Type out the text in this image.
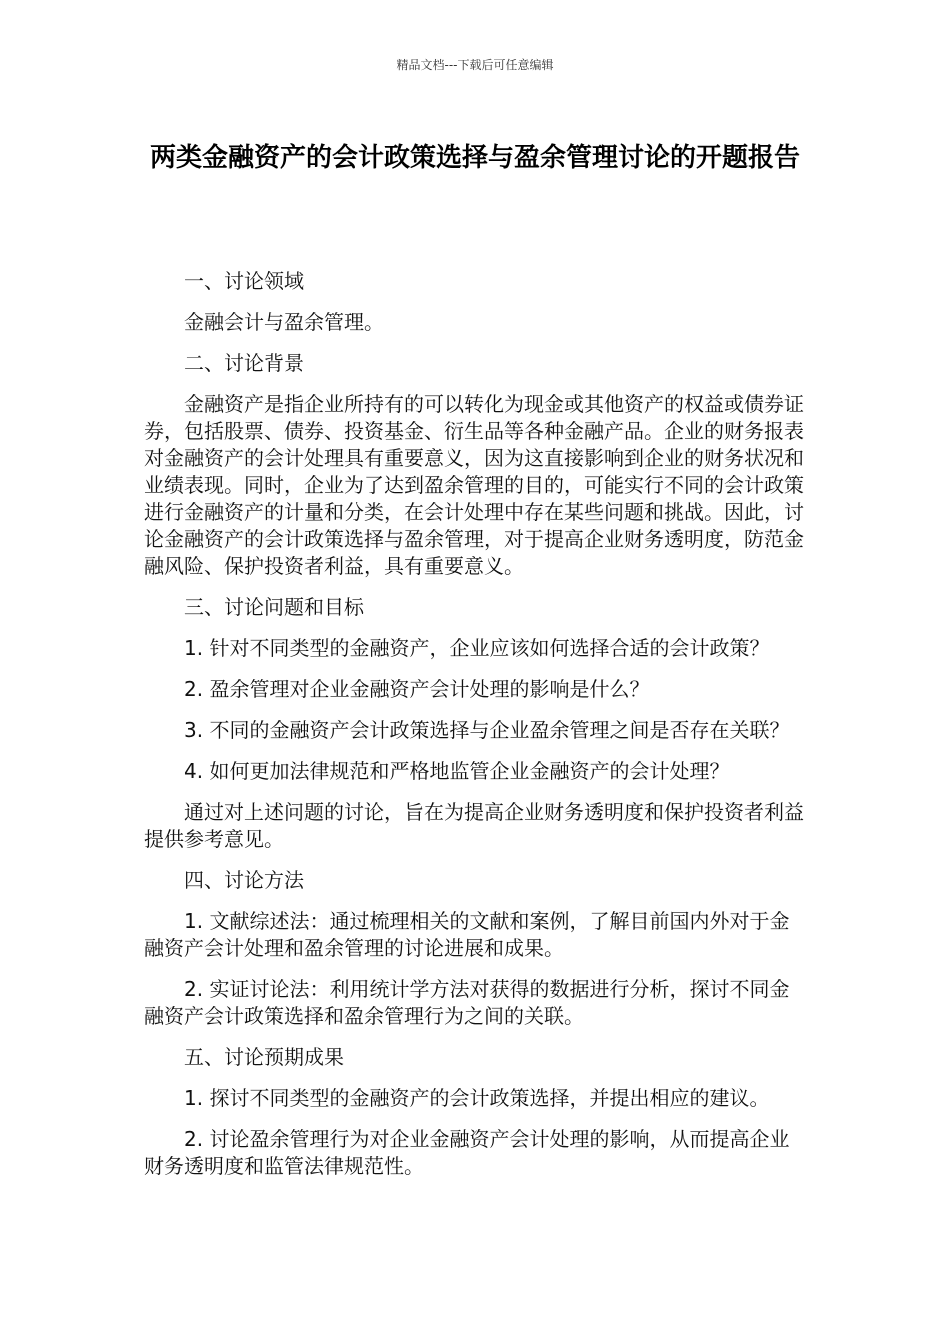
精品文档---下载后可任意编辑
两类金融资产的会计政策选择与盈余管理讨论的开题报告

一、讨论领域

金融会计与盈余管理。

二、讨论背景

金融资产是指企业所持有的可以转化为现金或其他资产的权益或债券证券，包括股票、债券、投资基金、衍生品等各种金融产品。企业的财务报表对金融资产的会计处理具有重要意义，因为这直接影响到企业的财务状况和业绩表现。同时，企业为了达到盈余管理的目的，可能实行不同的会计政策进行金融资产的计量和分类，在会计处理中存在某些问题和挑战。因此，讨论金融资产的会计政策选择与盈余管理，对于提高企业财务透明度，防范金融风险、保护投资者利益，具有重要意义。

三、讨论问题和目标

1. 针对不同类型的金融资产，企业应该如何选择合适的会计政策？

2. 盈余管理对企业金融资产会计处理的影响是什么？

3. 不同的金融资产会计政策选择与企业盈余管理之间是否存在关联？

4. 如何更加法律规范和严格地监管企业金融资产的会计处理？

通过对上述问题的讨论，旨在为提高企业财务透明度和保护投资者利益提供参考意见。

四、讨论方法

1. 文献综述法：通过梳理相关的文献和案例，了解目前国内外对于金融资产会计处理和盈余管理的讨论进展和成果。

2. 实证讨论法：利用统计学方法对获得的数据进行分析，探讨不同金融资产会计政策选择和盈余管理行为之间的关联。

五、讨论预期成果

1. 探讨不同类型的金融资产的会计政策选择，并提出相应的建议。

2. 讨论盈余管理行为对企业金融资产会计处理的影响，从而提高企业财务透明度和监管法律规范性。
